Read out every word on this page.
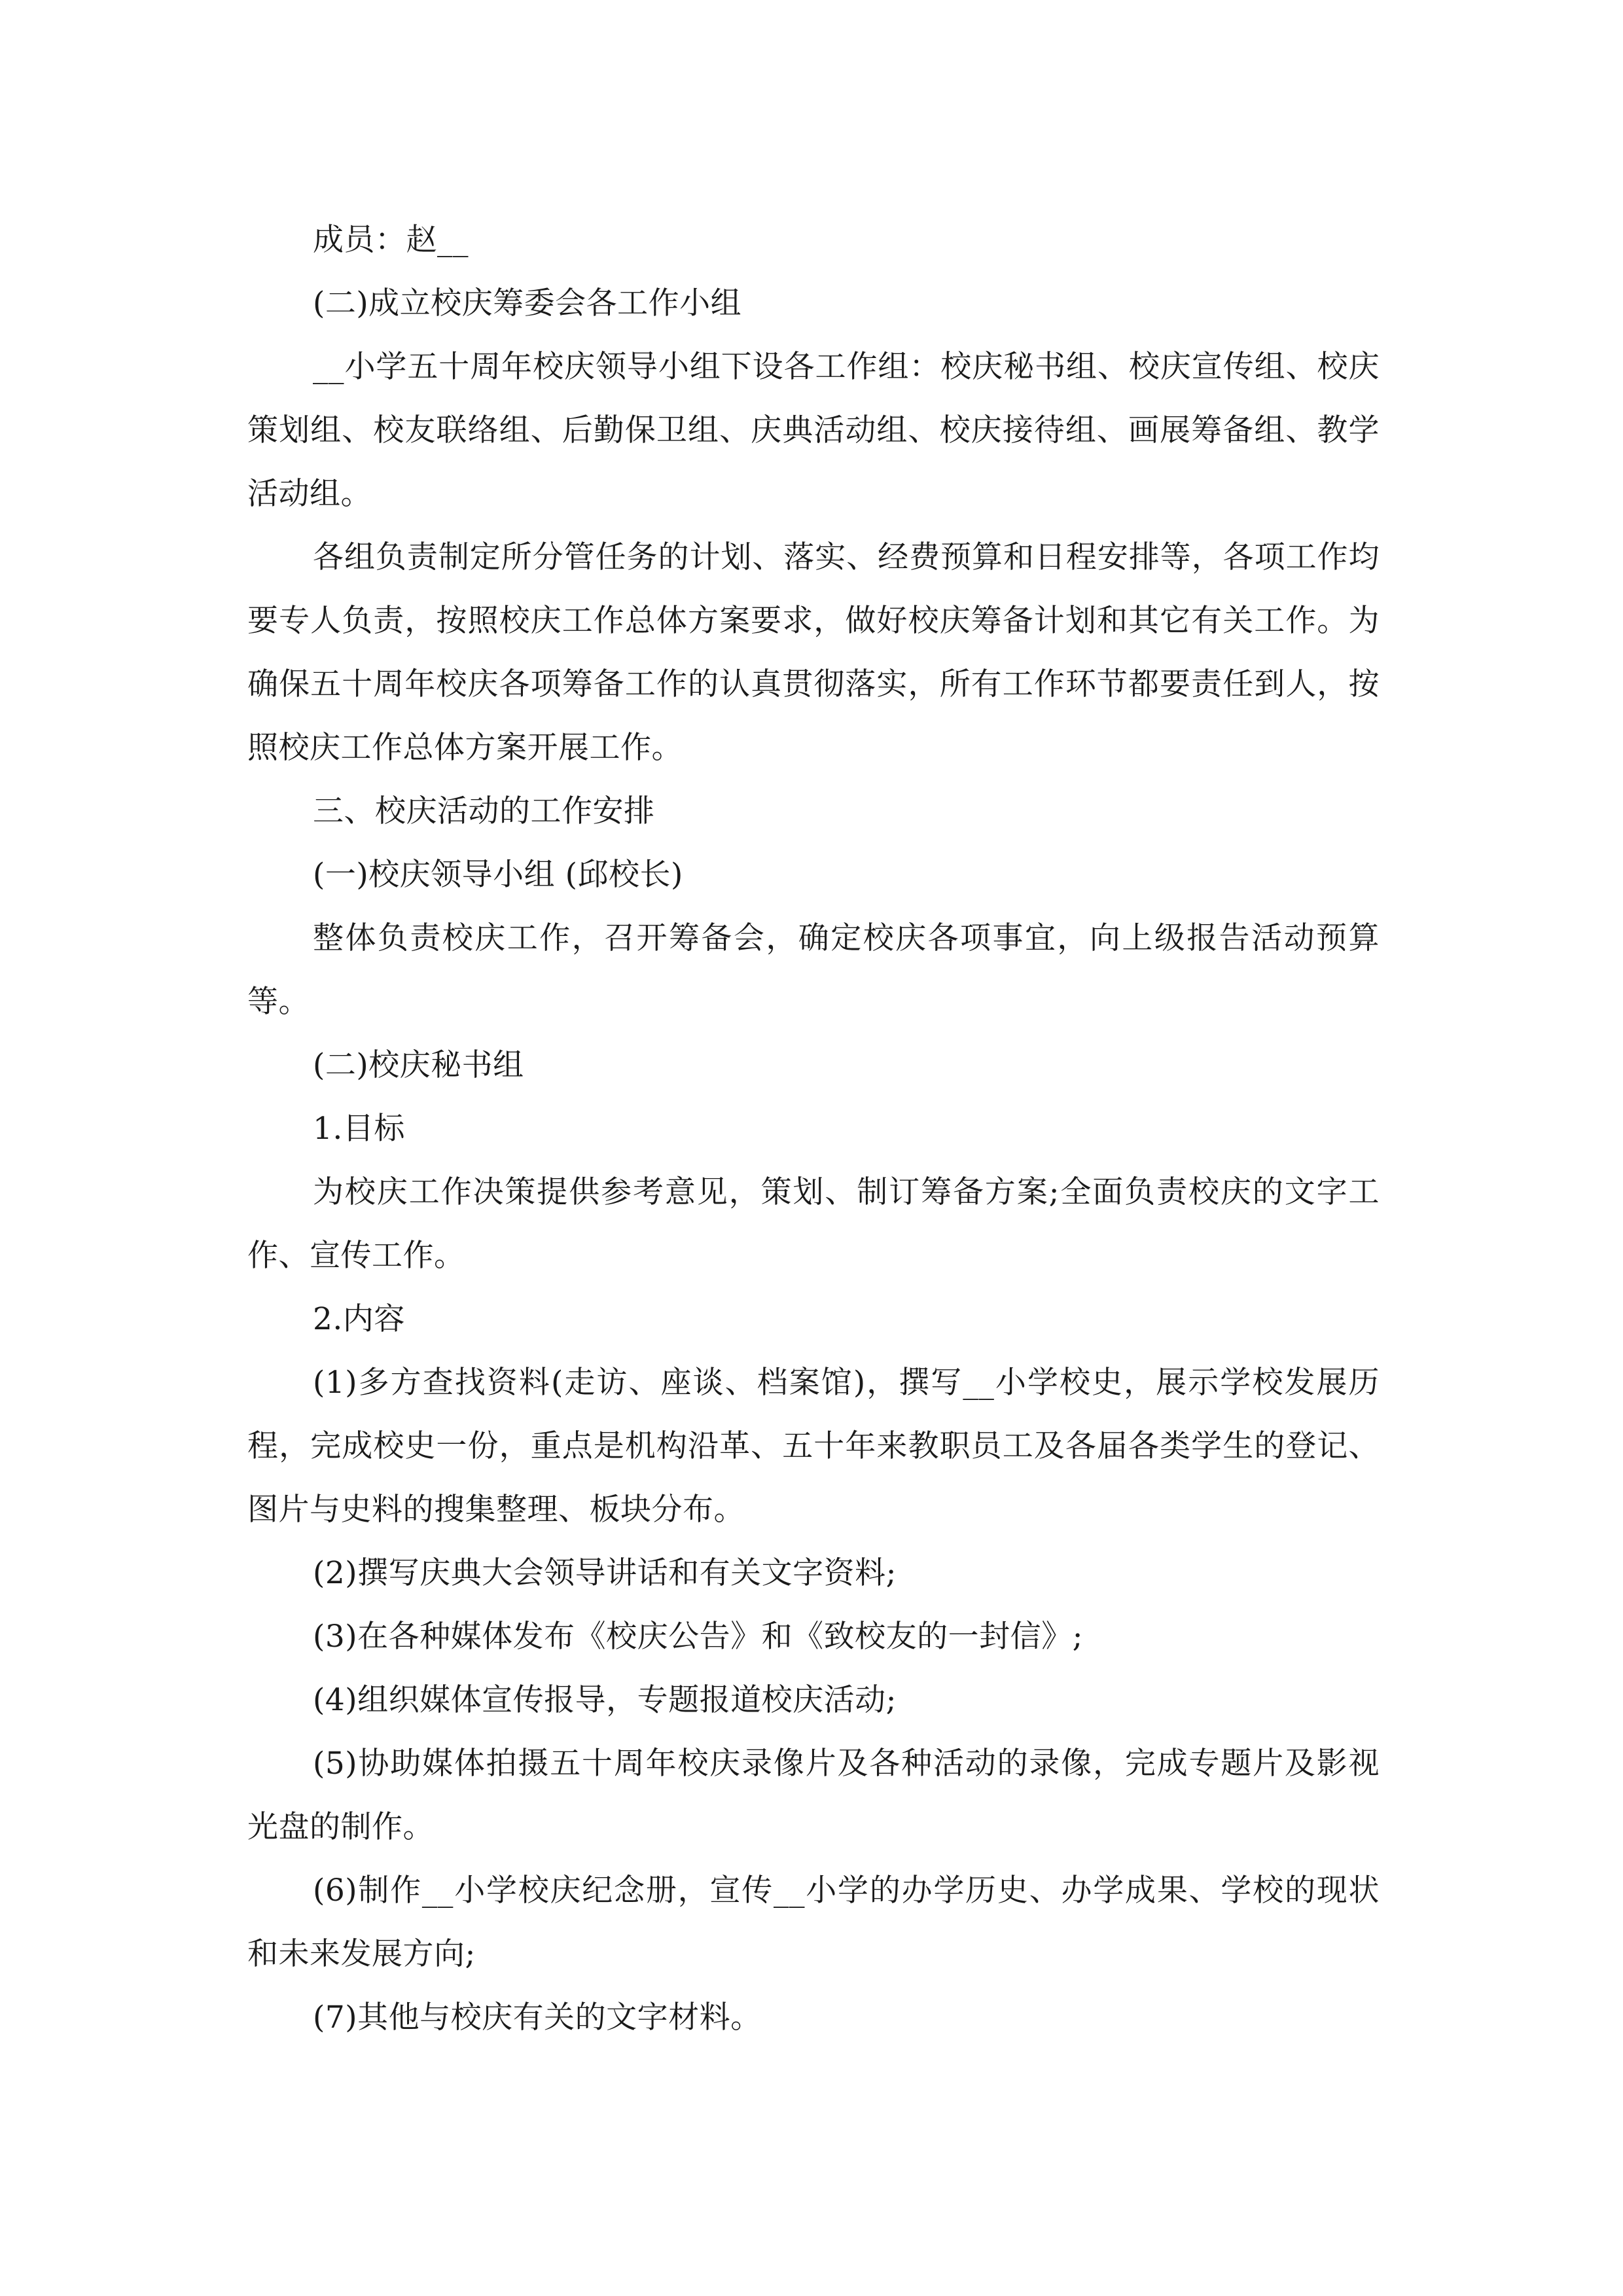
成员：赵__

(二)成立校庆筹委会各工作小组

__小学五十周年校庆领导小组下设各工作组：校庆秘书组、校庆宣传组、校庆策划组、校友联络组、后勤保卫组、庆典活动组、校庆接待组、画展筹备组、教学活动组。

各组负责制定所分管任务的计划、落实、经费预算和日程安排等，各项工作均要专人负责，按照校庆工作总体方案要求，做好校庆筹备计划和其它有关工作。为确保五十周年校庆各项筹备工作的认真贯彻落实，所有工作环节都要责任到人，按照校庆工作总体方案开展工作。

三、校庆活动的工作安排

(一)校庆领导小组 (邱校长)

整体负责校庆工作，召开筹备会，确定校庆各项事宜，向上级报告活动预算等。

(二)校庆秘书组

1.目标

为校庆工作决策提供参考意见，策划、制订筹备方案;全面负责校庆的文字工作、宣传工作。

2.内容

(1)多方查找资料(走访、座谈、档案馆)，撰写__小学校史，展示学校发展历程，完成校史一份，重点是机构沿革、五十年来教职员工及各届各类学生的登记、图片与史料的搜集整理、板块分布。

(2)撰写庆典大会领导讲话和有关文字资料;

(3)在各种媒体发布《校庆公告》和《致校友的一封信》;

(4)组织媒体宣传报导，专题报道校庆活动;

(5)协助媒体拍摄五十周年校庆录像片及各种活动的录像，完成专题片及影视光盘的制作。

(6)制作__小学校庆纪念册，宣传__小学的办学历史、办学成果、学校的现状和未来发展方向;

(7)其他与校庆有关的文字材料。
